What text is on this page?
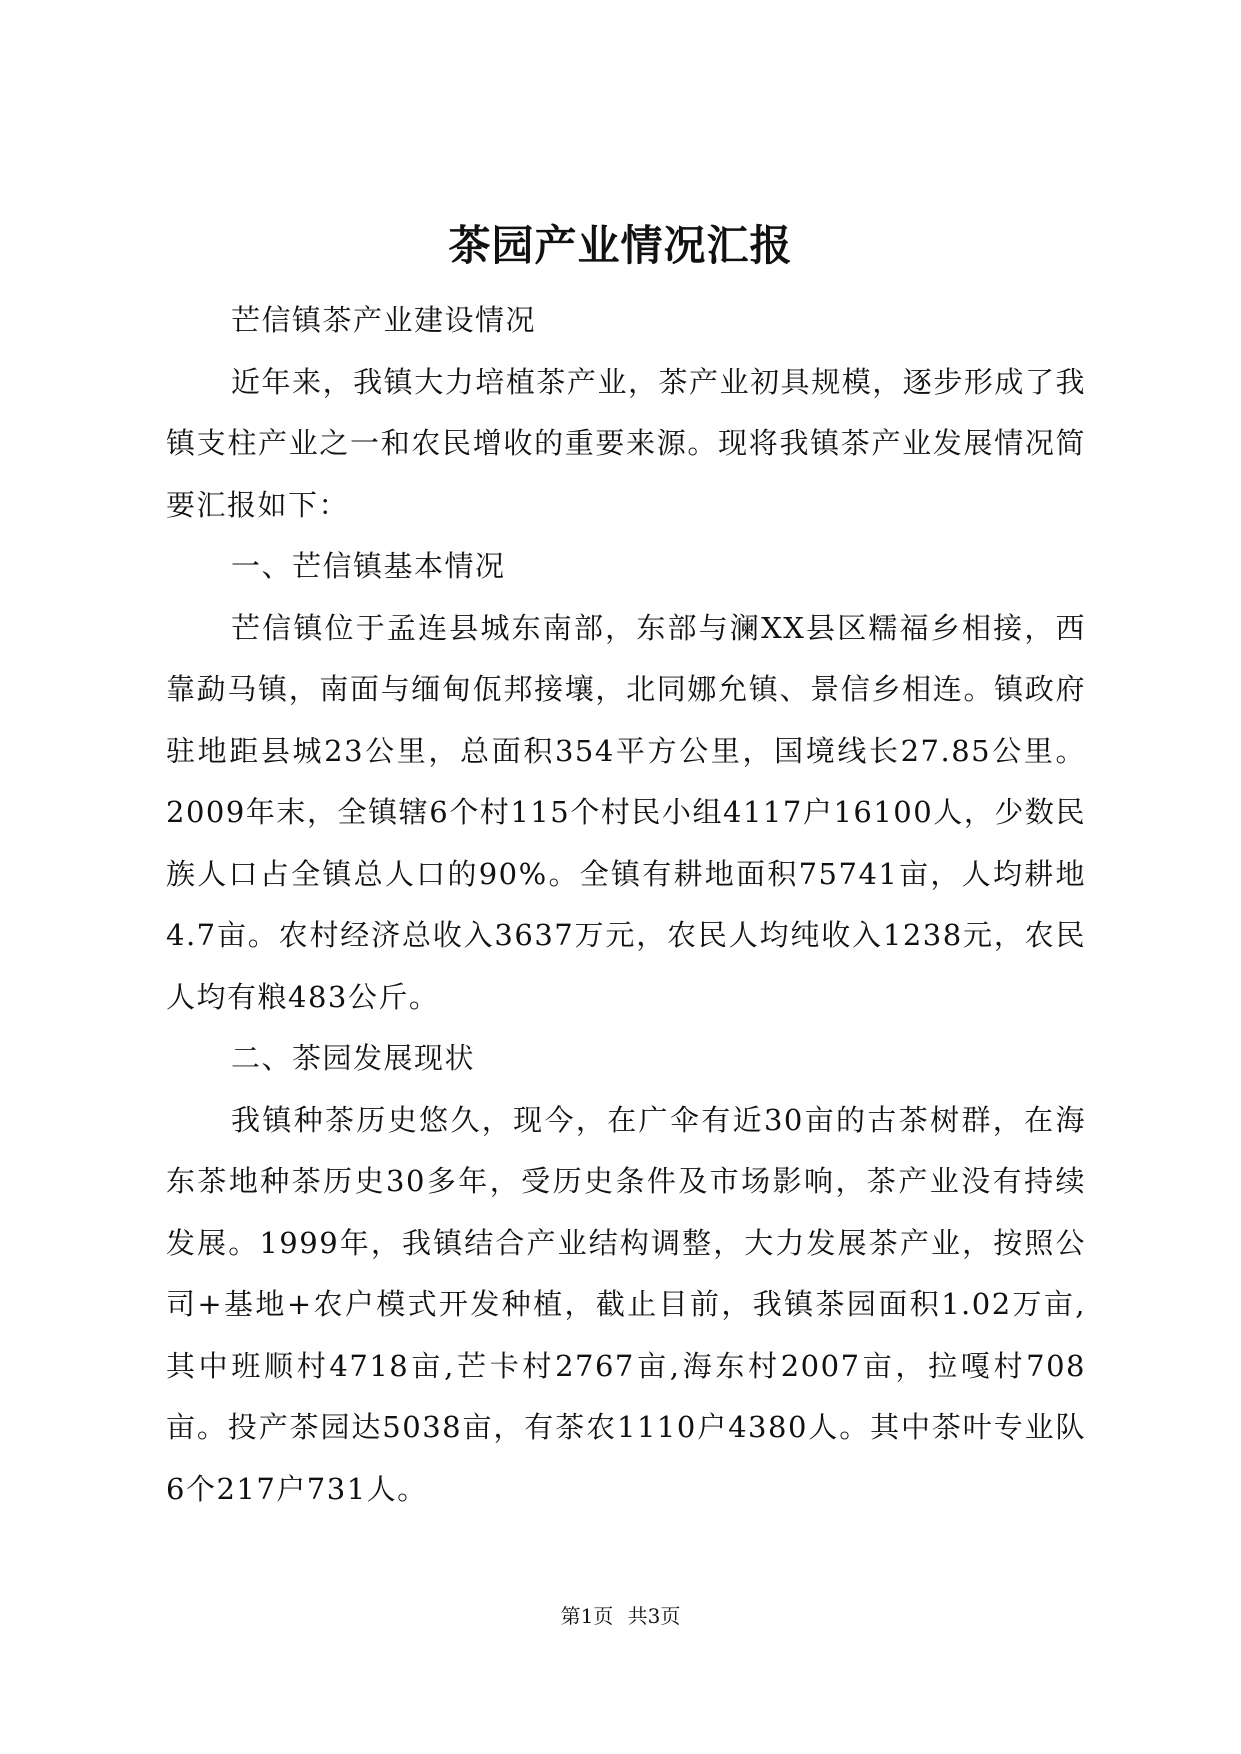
茶园产业情况汇报

芒信镇茶产业建设情况

近年来，我镇大力培植茶产业，茶产业初具规模，逐步形成了我镇支柱产业之一和农民增收的重要来源。现将我镇茶产业发展情况简要汇报如下：

一、芒信镇基本情况

芒信镇位于孟连县城东南部，东部与澜XX县区糯福乡相接，西靠勐马镇，南面与缅甸佤邦接壤，北同娜允镇、景信乡相连。镇政府驻地距县城23公里，总面积354平方公里，国境线长27.85公里。2009年末，全镇辖6个村115个村民小组4117户16100人，少数民族人口占全镇总人口的90%。全镇有耕地面积75741亩，人均耕地4.7亩。农村经济总收入3637万元，农民人均纯收入1238元，农民人均有粮483公斤。

二、茶园发展现状

我镇种茶历史悠久，现今，在广伞有近30亩的古茶树群，在海东茶地种茶历史30多年，受历史条件及市场影响，茶产业没有持续发展。1999年，我镇结合产业结构调整，大力发展茶产业，按照公司+基地+农户模式开发种植，截止目前，我镇茶园面积1.02万亩,其中班顺村4718亩,芒卡村2767亩,海东村2007亩，拉嘎村708亩。投产茶园达5038亩，有茶农1110户4380人。其中茶叶专业队6个217户731人。

第1页 共3页
